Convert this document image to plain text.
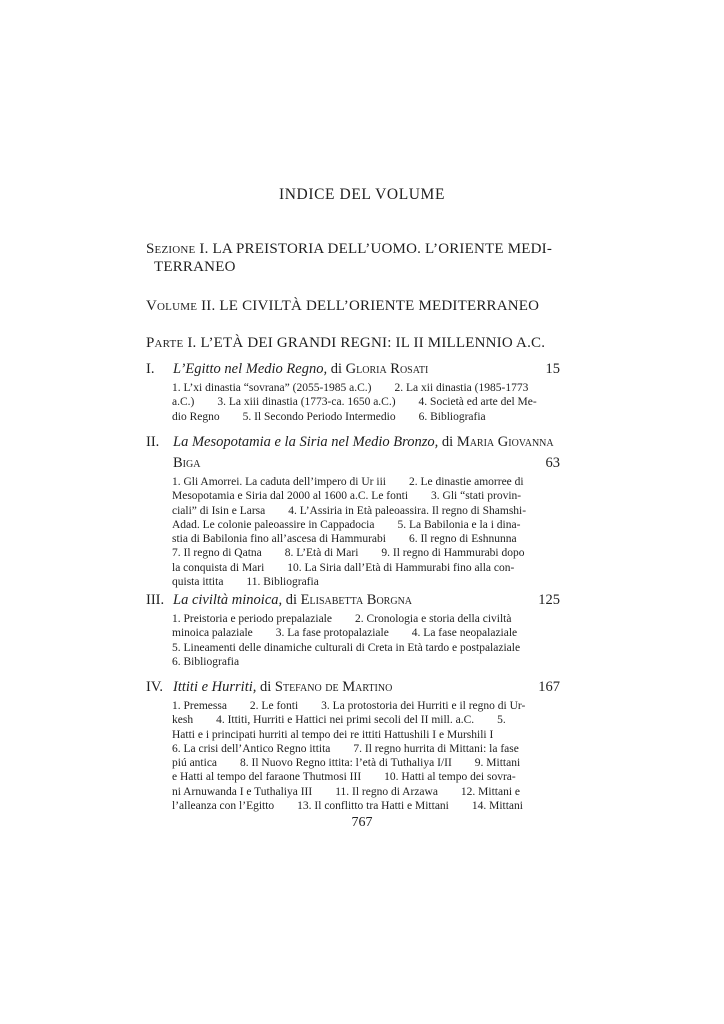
INDICE DEL VOLUME
Sezione I. LA PREISTORIA DELL’UOMO. L’ORIENTE MEDI-
TERRANEO
Volume II. LE CIVILTÀ DELL’ORIENTE MEDITERRANEO
Parte I. L’ETÀ DEI GRANDI REGNI: IL II MILLENNIO A.C.
I. L’Egitto nel Medio Regno, di Gloria Rosati	15
1. L’xi dinastia “sovrana” (2055-1985 a.C.)        2. La xii dinastia (1985-1773
a.C.)        3. La xiii dinastia (1773-ca. 1650 a.C.)        4. Società ed arte del Me-
dio Regno        5. Il Secondo Periodo Intermedio        6. Bibliografia
II. La Mesopotamia e la Siria nel Medio Bronzo, di Maria Giovanna
Biga	63
1. Gli Amorrei. La caduta dell’impero di Ur iii        2. Le dinastie amorree di
Mesopotamia e Siria dal 2000 al 1600 a.C. Le fonti        3. Gli “stati provin-
ciali” di Isin e Larsa        4. L’Assiria in Età paleoassira. Il regno di Shamshi-
Adad. Le colonie paleoassire in Cappadocia        5. La Babilonia e la i dina-
stia di Babilonia fino all’ascesa di Hammurabi        6. Il regno di Eshnunna
7. Il regno di Qatna        8. L’Età di Mari        9. Il regno di Hammurabi dopo
la conquista di Mari        10. La Siria dall’Età di Hammurabi fino alla con-
quista ittita        11. Bibliografia
III. La civiltà minoica, di Elisabetta Borgna	125
1. Preistoria e periodo prepalaziale        2. Cronologia e storia della civiltà
minoica palaziale        3. La fase protopalaziale        4. La fase neopalaziale
5. Lineamenti delle dinamiche culturali di Creta in Età tardo e postpalaziale
6. Bibliografia
IV. Ittiti e Hurriti, di Stefano de Martino	167
1. Premessa        2. Le fonti        3. La protostoria dei Hurriti e il regno di Ur-
kesh        4. Ittiti, Hurriti e Hattici nei primi secoli del II mill. a.C.        5.
Hatti e i principati hurriti al tempo dei re ittiti Hattushili I e Murshili I
6. La crisi dell’Antico Regno ittita        7. Il regno hurrita di Mittani: la fase
piú antica        8. Il Nuovo Regno ittita: l’età di Tuthaliya I/II        9. Mittani
e Hatti al tempo del faraone Thutmosi III        10. Hatti al tempo dei sovra-
ni Arnuwanda I e Tuthaliya III        11. Il regno di Arzawa        12. Mittani e
l’alleanza con l’Egitto        13. Il conflitto tra Hatti e Mittani        14. Mittani
767
